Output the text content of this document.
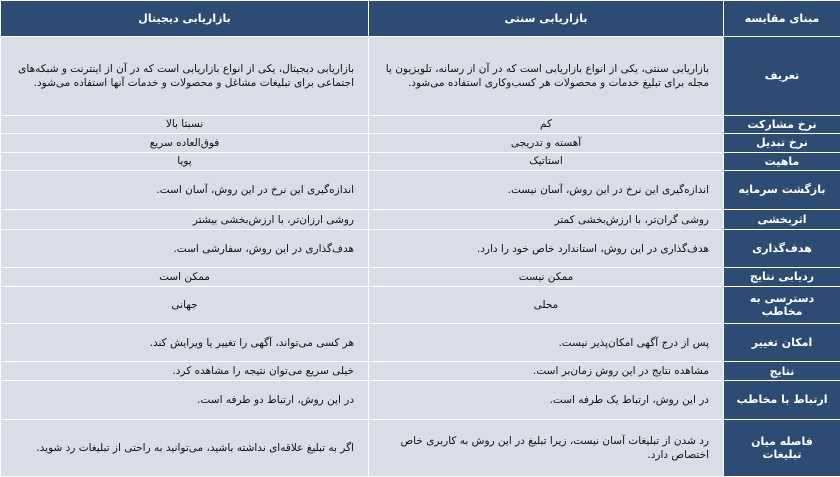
مبنای مقایسه	بازاریابی سنتی	بازاریابی دیجیتال
تعریف	بازاریابی سنتی، یکی از انواع بازاریابی است که در آن از رسانه، تلویزیون یا مجله برای تبلیغ خدمات و محصولات هر کسب‌وکاری استفاده می‌شود.	بازاریابی دیجیتال، یکی از انواع بازاریابی است که در آن از اینترنت و شبکه‌های اجتماعی برای تبلیغات مشاغل و محصولات و خدمات آنها استفاده می‌شود.
نرخ مشارکت	کم	نسبتا بالا
نرخ تبدیل	آهسته و تدریجی	فوق‌العاده سریع
ماهیت	استاتیک	پویا
بازگشت سرمایه	اندازه‌گیری این نرخ در این روش، آسان نیست.	اندازه‌گیری این نرخ در این روش، آسان است.
اثربخشی	روشی گران‌تر، با ارزش‌بخشی کمتر	روشی ارزان‌تر، با ارزش‌بخشی بیشتر
هدف‌گذاری	هدف‌گذاری در این روش، استاندارد خاص خود را دارد.	هدف‌گذاری در این روش، سفارشی است.
ردیابی نتایج	ممکن نیست	ممکن است
دسترسی به مخاطب	محلی	جهانی
امکان تغییر	پس از درج آگهی امکان‌پذیر نیست.	هر کسی می‌تواند، آگهی را تغییر یا ویرایش کند.
نتایج	مشاهده نتایج در این روش زمان‌بر است.	خیلی سریع می‌توان نتیجه را مشاهده کرد.
ارتباط با مخاطب	در این روش، ارتباط یک طرفه است.	در این روش، ارتباط دو طرفه است.
فاصله میان تبلیغات	رد شدن از تبلیغات آسان نیست، زیرا تبلیغ در این روش به کاربری خاص اختصاص دارد.	اگر به تبلیغ علاقه‌ای نداشته باشید، می‌توانید به راحتی از تبلیغات رد شوید.
